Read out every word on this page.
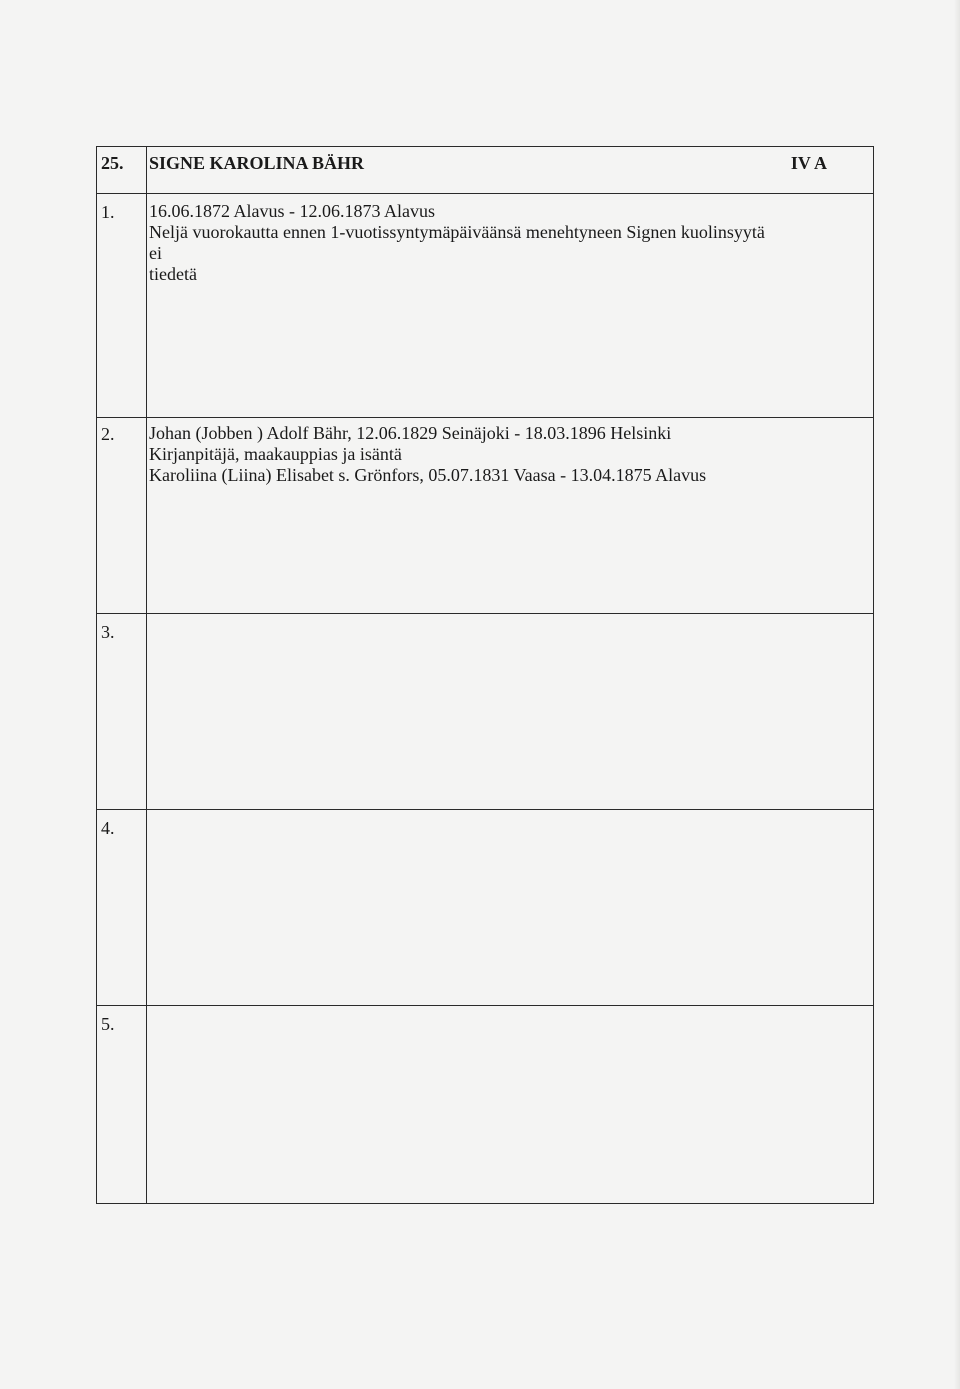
25. SIGNE KAROLINA BÄHR	IV A
1. 16.06.1872 Alavus - 12.06.1873 Alavus
Neljä vuorokautta ennen 1-vuotissyntymäpäiväänsä menehtyneen Signen kuolinsyytä
ei
tiedetä
2. Johan (Jobben ) Adolf Bähr, 12.06.1829 Seinäjoki - 18.03.1896 Helsinki
Kirjanpitäjä, maakauppias ja isäntä
Karoliina (Liina) Elisabet s. Grönfors, 05.07.1831 Vaasa - 13.04.1875 Alavus
3.
4.
5.
